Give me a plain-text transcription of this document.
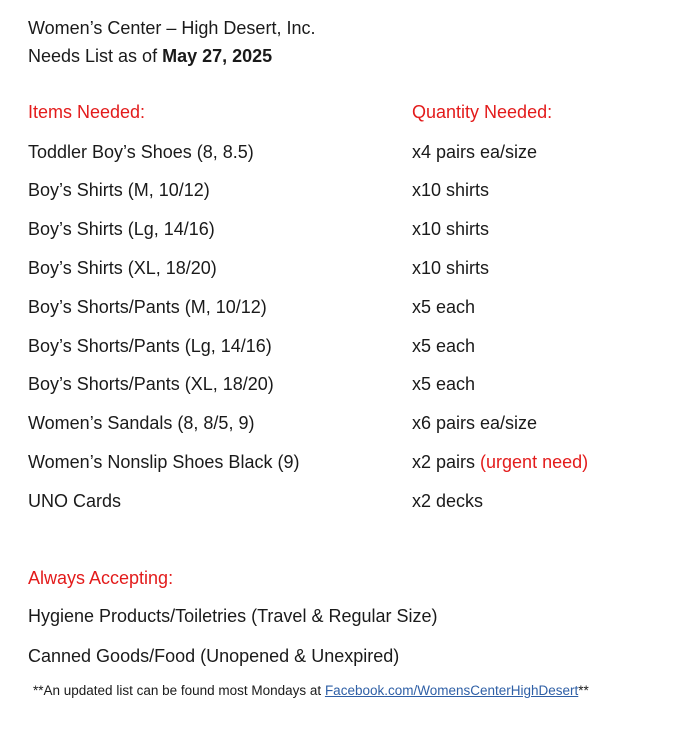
Women’s Center – High Desert, Inc.
Needs List as of May 27, 2025
Items Needed:	Quantity Needed:
Toddler Boy’s Shoes (8, 8.5)	x4 pairs ea/size
Boy’s Shirts (M, 10/12)	x10 shirts
Boy’s Shirts (Lg, 14/16)	x10 shirts
Boy’s Shirts (XL, 18/20)	x10 shirts
Boy’s Shorts/Pants (M, 10/12)	x5 each
Boy’s Shorts/Pants (Lg, 14/16)	x5 each
Boy’s Shorts/Pants (XL, 18/20)	x5 each
Women’s Sandals (8, 8/5, 9)	x6 pairs ea/size
Women’s Nonslip Shoes Black (9)	x2 pairs (urgent need)
UNO Cards	x2 decks
Always Accepting:
Hygiene Products/Toiletries (Travel & Regular Size)
Canned Goods/Food (Unopened & Unexpired)
**An updated list can be found most Mondays at Facebook.com/WomensCenterHighDesert**
